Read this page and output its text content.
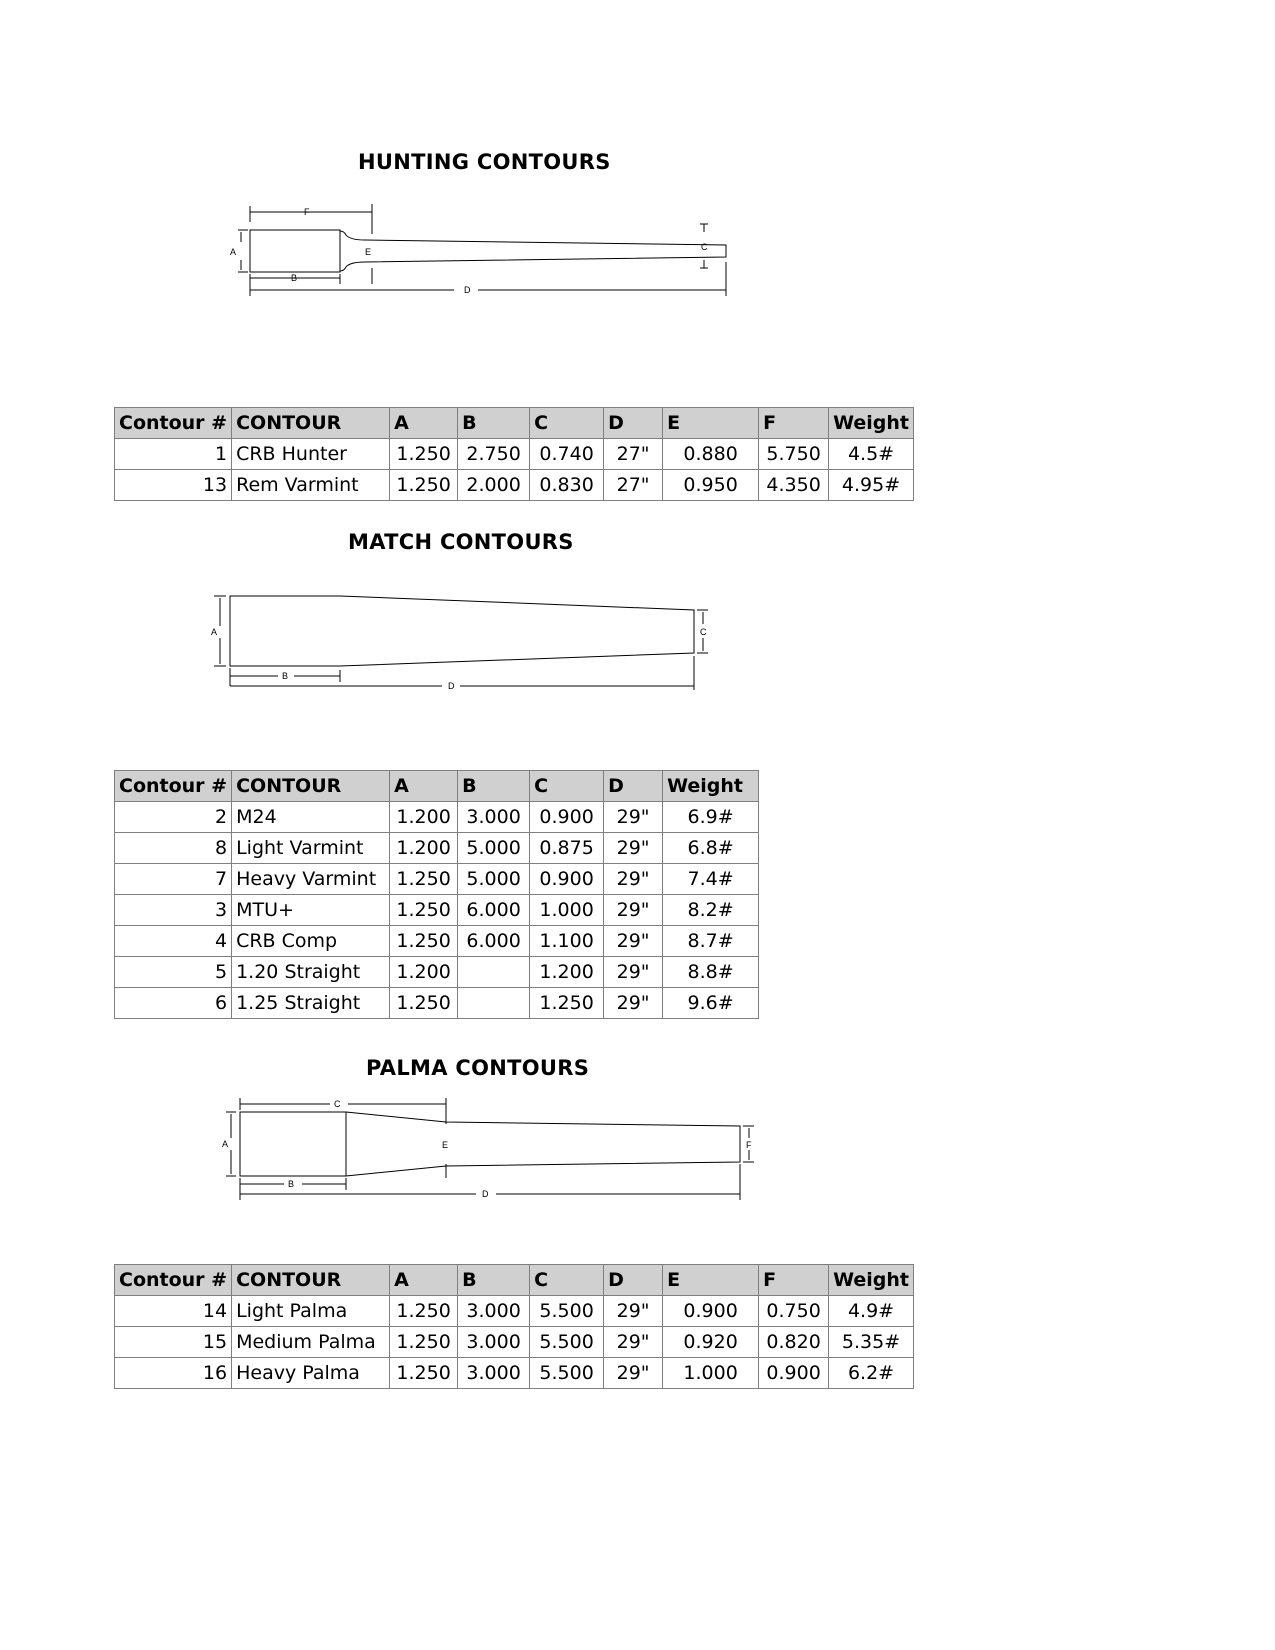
HUNTING CONTOURS
F
A	E
B
D
C
Contour #	CONTOUR	A	B	C	D	E	F	Weight
1	CRB Hunter	1.250	2.750	0.740	27"	0.880	5.750	4.5#
13	Rem Varmint	1.250	2.000	0.830	27"	0.950	4.350	4.95#
MATCH CONTOURS
A
B
D
C
Contour #	CONTOUR	A	B	C	D	Weight
2	M24	1.200	3.000	0.900	29"	6.9#
8	Light Varmint	1.200	5.000	0.875	29"	6.8#
7	Heavy Varmint	1.250	5.000	0.900	29"	7.4#
3	MTU+	1.250	6.000	1.000	29"	8.2#
4	CRB Comp	1.250	6.000	1.100	29"	8.7#
5	1.20 Straight	1.200		1.200	29"	8.8#
6	1.25 Straight	1.250		1.250	29"	9.6#
PALMA CONTOURS
A
C
E
B
D
F
Contour #	CONTOUR	A	B	C	D	E	F	Weight
14	Light Palma	1.250	3.000	5.500	29"	0.900	0.750	4.9#
15	Medium Palma	1.250	3.000	5.500	29"	0.920	0.820	5.35#
16	Heavy Palma	1.250	3.000	5.500	29"	1.000	0.900	6.2#
